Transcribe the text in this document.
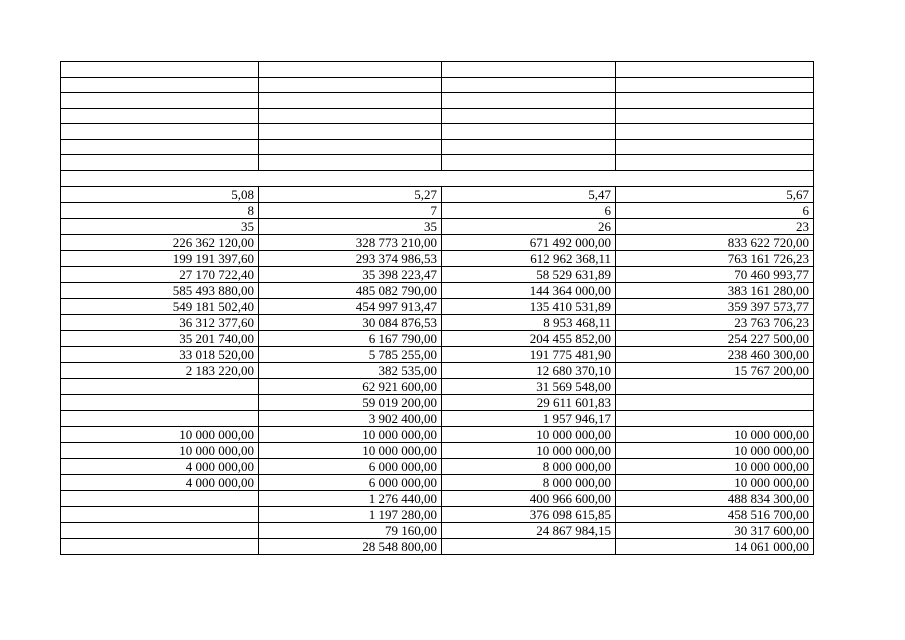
5,08	5,27	5,47	5,67
8	7	6	6
35	35	26	23
226 362 120,00	328 773 210,00	671 492 000,00	833 622 720,00
199 191 397,60	293 374 986,53	612 962 368,11	763 161 726,23
27 170 722,40	35 398 223,47	58 529 631,89	70 460 993,77
585 493 880,00	485 082 790,00	144 364 000,00	383 161 280,00
549 181 502,40	454 997 913,47	135 410 531,89	359 397 573,77
36 312 377,60	30 084 876,53	8 953 468,11	23 763 706,23
35 201 740,00	6 167 790,00	204 455 852,00	254 227 500,00
33 018 520,00	5 785 255,00	191 775 481,90	238 460 300,00
2 183 220,00	382 535,00	12 680 370,10	15 767 200,00
	62 921 600,00	31 569 548,00	
	59 019 200,00	29 611 601,83	
	3 902 400,00	1 957 946,17	
10 000 000,00	10 000 000,00	10 000 000,00	10 000 000,00
10 000 000,00	10 000 000,00	10 000 000,00	10 000 000,00
4 000 000,00	6 000 000,00	8 000 000,00	10 000 000,00
4 000 000,00	6 000 000,00	8 000 000,00	10 000 000,00
	1 276 440,00	400 966 600,00	488 834 300,00
	1 197 280,00	376 098 615,85	458 516 700,00
	79 160,00	24 867 984,15	30 317 600,00
	28 548 800,00		14 061 000,00
